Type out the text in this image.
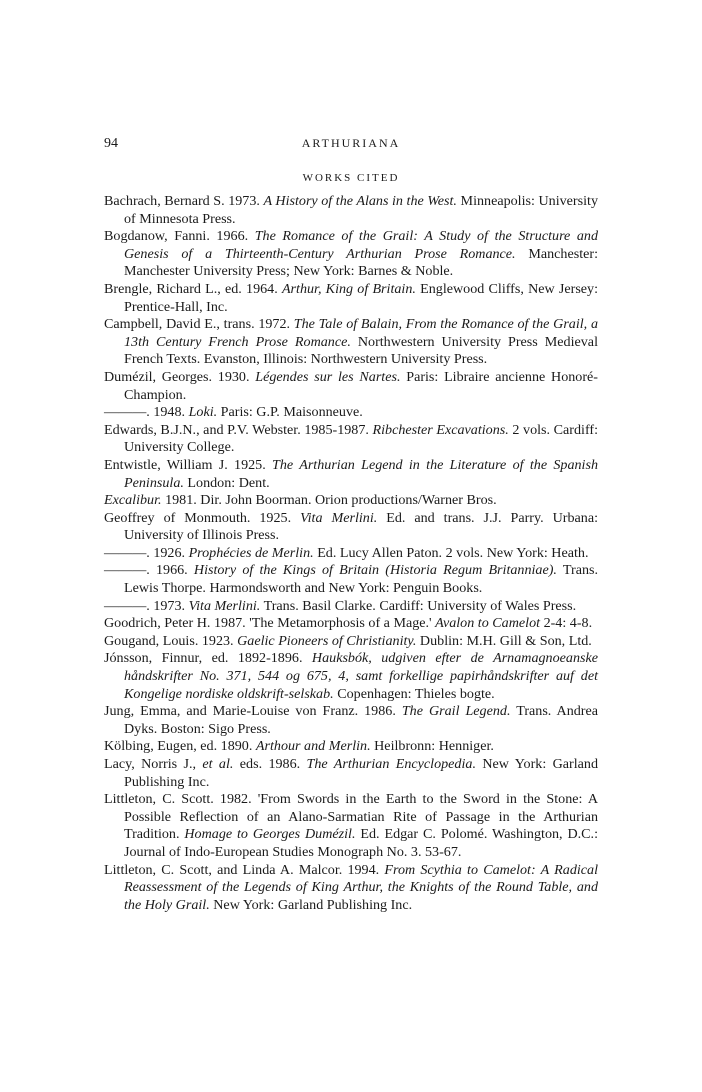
94	ARTHURIANA
WORKS CITED

Bachrach, Bernard S. 1973. A History of the Alans in the West. Minneapolis: University of Minnesota Press.

Bogdanow, Fanni. 1966. The Romance of the Grail: A Study of the Structure and Genesis of a Thirteenth-Century Arthurian Prose Romance. Manchester: Manchester University Press; New York: Barnes & Noble.

Brengle, Richard L., ed. 1964. Arthur, King of Britain. Englewood Cliffs, New Jersey: Prentice-Hall, Inc.

Campbell, David E., trans. 1972. The Tale of Balain, From the Romance of the Grail, a 13th Century French Prose Romance. Northwestern University Press Medieval French Texts. Evanston, Illinois: Northwestern University Press.

Dumézil, Georges. 1930. Légendes sur les Nartes. Paris: Libraire ancienne Honoré-Champion.

———. 1948. Loki. Paris: G.P. Maisonneuve.

Edwards, B.J.N., and P.V. Webster. 1985-1987. Ribchester Excavations. 2 vols. Cardiff: University College.

Entwistle, William J. 1925. The Arthurian Legend in the Literature of the Spanish Peninsula. London: Dent.

Excalibur. 1981. Dir. John Boorman. Orion productions/Warner Bros.

Geoffrey of Monmouth. 1925. Vita Merlini. Ed. and trans. J.J. Parry. Urbana: University of Illinois Press.

———. 1926. Prophécies de Merlin. Ed. Lucy Allen Paton. 2 vols. New York: Heath.

———. 1966. History of the Kings of Britain (Historia Regum Britanniae). Trans. Lewis Thorpe. Harmondsworth and New York: Penguin Books.

———. 1973. Vita Merlini. Trans. Basil Clarke. Cardiff: University of Wales Press.

Goodrich, Peter H. 1987. 'The Metamorphosis of a Mage.' Avalon to Camelot 2-4: 4-8.

Gougand, Louis. 1923. Gaelic Pioneers of Christianity. Dublin: M.H. Gill & Son, Ltd.

Jónsson, Finnur, ed. 1892-1896. Hauksbók, udgiven efter de Arnamagnoeanske håndskrifter No. 371, 544 og 675, 4, samt forkellige papirhåndskrifter auf det Kongelige nordiske oldskrift-selskab. Copenhagen: Thieles bogte.

Jung, Emma, and Marie-Louise von Franz. 1986. The Grail Legend. Trans. Andrea Dyks. Boston: Sigo Press.

Kölbing, Eugen, ed. 1890. Arthour and Merlin. Heilbronn: Henniger.

Lacy, Norris J., et al. eds. 1986. The Arthurian Encyclopedia. New York: Garland Publishing Inc.

Littleton, C. Scott. 1982. 'From Swords in the Earth to the Sword in the Stone: A Possible Reflection of an Alano-Sarmatian Rite of Passage in the Arthurian Tradition. Homage to Georges Dumézil. Ed. Edgar C. Polomé. Washington, D.C.: Journal of Indo-European Studies Monograph No. 3. 53-67.

Littleton, C. Scott, and Linda A. Malcor. 1994. From Scythia to Camelot: A Radical Reassessment of the Legends of King Arthur, the Knights of the Round Table, and the Holy Grail. New York: Garland Publishing Inc.
